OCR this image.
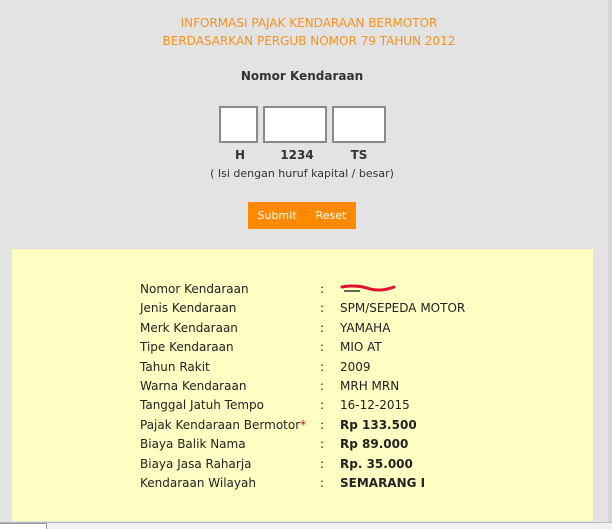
INFORMASI PAJAK KENDARAAN BERMOTOR
BERDASARKAN PERGUB NOMOR 79 TAHUN 2012
Nomor Kendaraan
H	1234	TS
( Isi dengan huruf kapital / besar)
Submit	Reset
Nomor Kendaraan	:
Jenis Kendaraan	: SPM/SEPEDA MOTOR
Merk Kendaraan	: YAMAHA
Tipe Kendaraan	: MIO AT
Tahun Rakit	: 2009
Warna Kendaraan	: MRH MRN
Tanggal Jatuh Tempo	: 16-12-2015
Pajak Kendaraan Bermotor* : Rp 133.500
Biaya Balik Nama	: Rp 89.000
Biaya Jasa Raharja	: Rp. 35.000
Kendaraan Wilayah	: SEMARANG I
